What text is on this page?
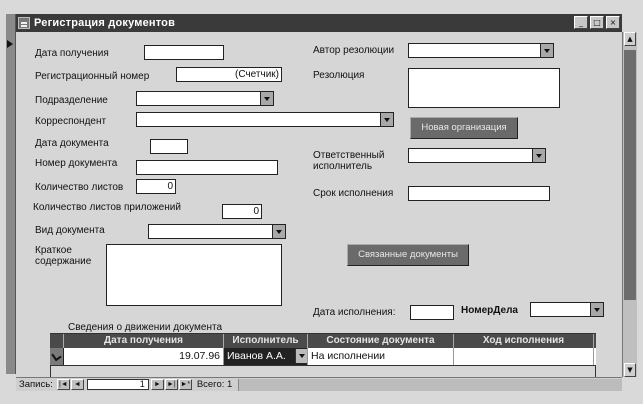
Регистрация документов	_	□	×
Дата получения
Регистрационный номер	(Счетчик)
Подразделение
Корреспондент
Дата документа
Номер документа
Количество листов	0
Количество листов приложений	0
Вид документа
Краткое
содержание
Автор резолюции
Резолюция
Новая организация
Ответственный
исполнитель
Срок исполнения
Связанные документы
Дата исполнения:	НомерДела
Сведения о движении документа
Дата получения	Исполнитель	Состояние документа	Ход исполнения
19.07.96 Иванов А.А.	На исполнении
▲
▼
Запись: |◄ ◄	1	► ►| ►* Всего: 1
